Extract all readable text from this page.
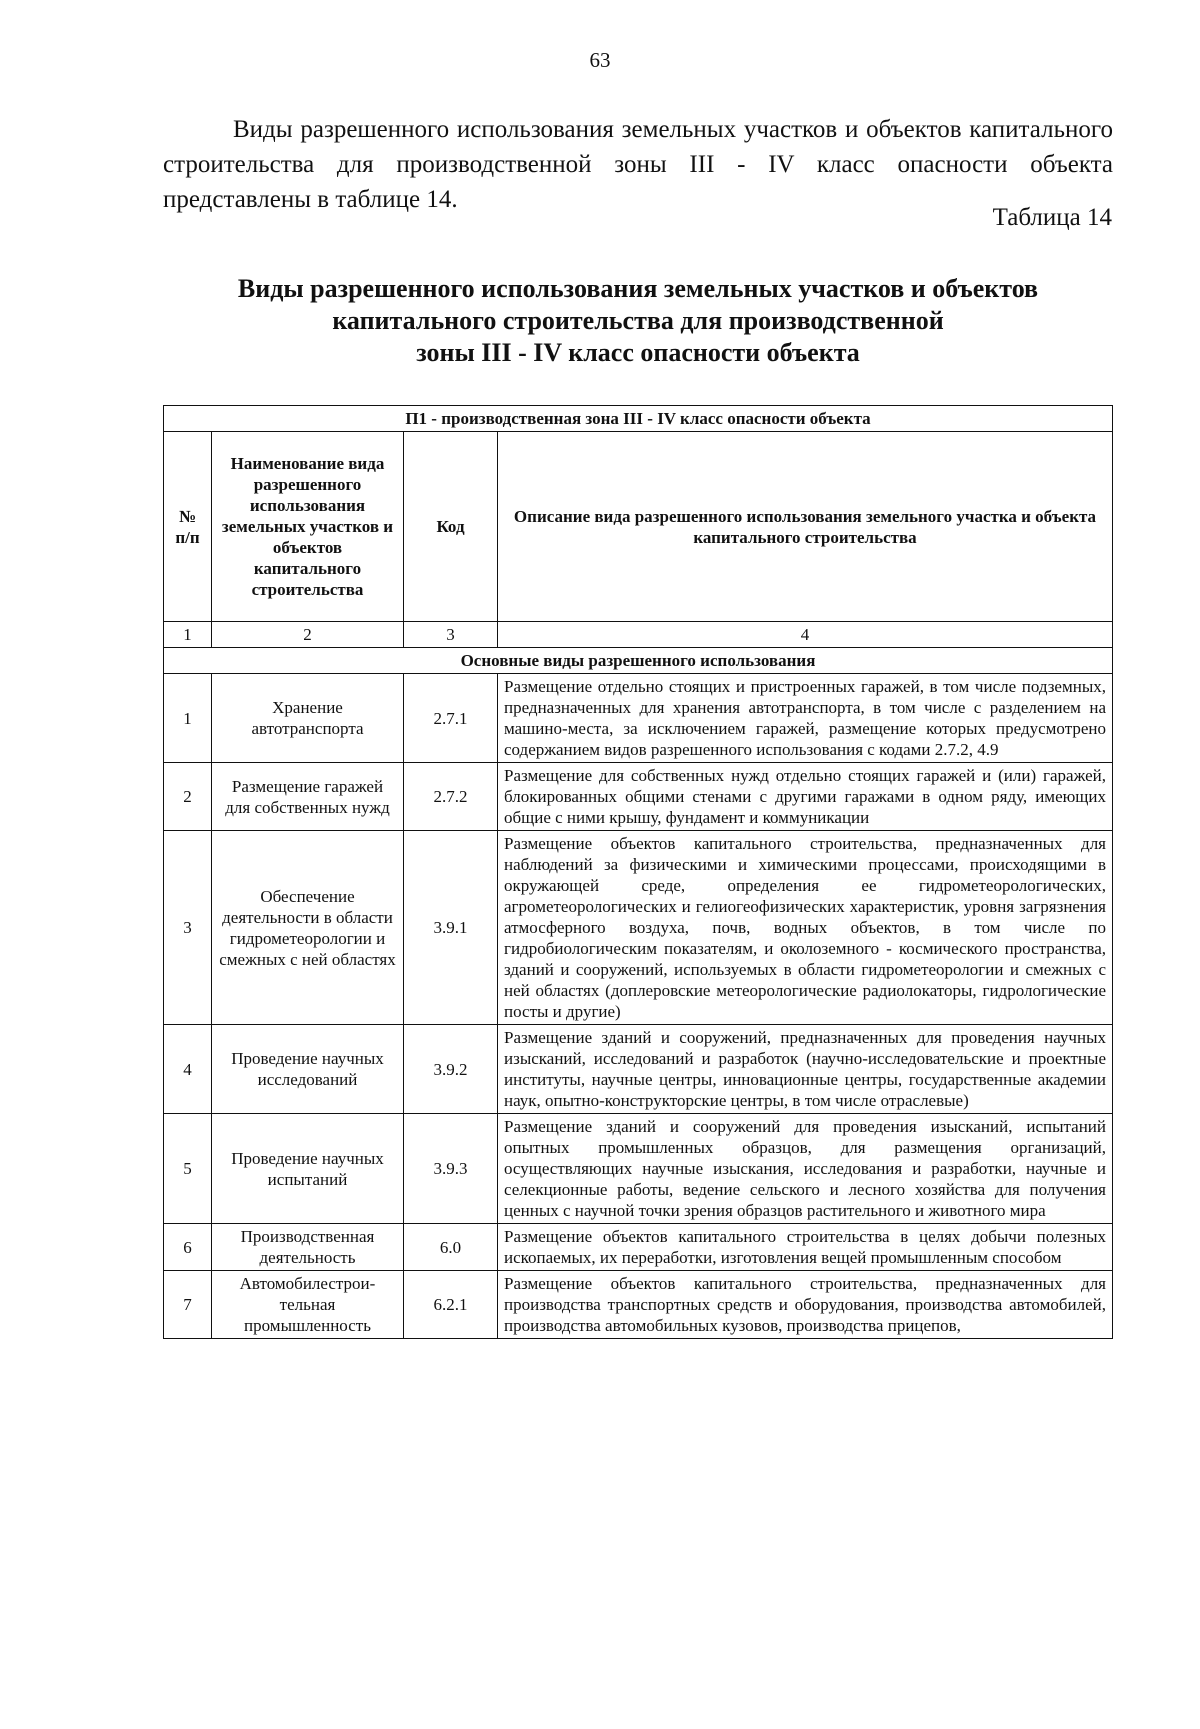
63

Виды разрешенного использования земельных участков и объектов капитального строительства для производственной зоны III - IV класс опасности объекта представлены в таблице 14.

Таблица 14
Виды разрешенного использования земельных участков и объектов
капитального строительства для производственной
зоны III - IV класс опасности объекта
П1 - производственная зона III - IV класс опасности объекта			
№ п/п	Наименование вида разрешенного использования земельных участков и объектов капитального строительства	Код	Описание вида разрешенного использования земельного участка и объекта капитального строительства
1	2	3	4
Основные виды разрешенного использования			
1	Хранение автотранспорта	2.7.1	Размещение отдельно стоящих и пристроенных гаражей, в том числе подземных, предназначенных для хранения автотранспорта, в том числе с разделением на машино-места, за исключением гаражей, размещение которых предусмотрено содержанием видов разрешенного использования с кодами 2.7.2, 4.9
2	Размещение гаражей для собственных нужд	2.7.2	Размещение для собственных нужд отдельно стоящих гаражей и (или) гаражей, блокированных общими стенами с другими гаражами в одном ряду, имеющих общие с ними крышу, фундамент и коммуникации
3	Обеспечение деятельности в области гидрометеорологии и смежных с ней областях	3.9.1	Размещение объектов капитального строительства, предназначенных для наблюдений за физическими и химическими процессами, происходящими в окружающей среде, определения ее гидрометеорологических, агрометеорологических и гелиогеофизических характеристик, уровня загрязнения атмосферного воздуха, почв, водных объектов, в том числе по гидробиологическим показателям, и околоземного - космического пространства, зданий и сооружений, используемых в области гидрометеорологии и смежных с ней областях (доплеровские метеорологические радиолокаторы, гидрологические посты и другие)
4	Проведение научных исследований	3.9.2	Размещение зданий и сооружений, предназначенных для проведения научных изысканий, исследований и разработок (научно-исследовательские и проектные институты, научные центры, инновационные центры, государственные академии наук, опытно-конструкторские центры, в том числе отраслевые)
5	Проведение научных испытаний	3.9.3	Размещение зданий и сооружений для проведения изысканий, испытаний опытных промышленных образцов, для размещения организаций, осуществляющих научные изыскания, исследования и разработки, научные и селекционные работы, ведение сельского и лесного хозяйства для получения ценных с научной точки зрения образцов растительного и животного мира
6	Производственная деятельность	6.0	Размещение объектов капитального строительства в целях добычи полезных ископаемых, их переработки, изготовления вещей промышленным способом
7	Автомобилестрои-тельная промышленность	6.2.1	Размещение объектов капитального строительства, предназначенных для производства транспортных средств и оборудования, производства автомобилей, производства автомобильных кузовов, производства прицепов,
